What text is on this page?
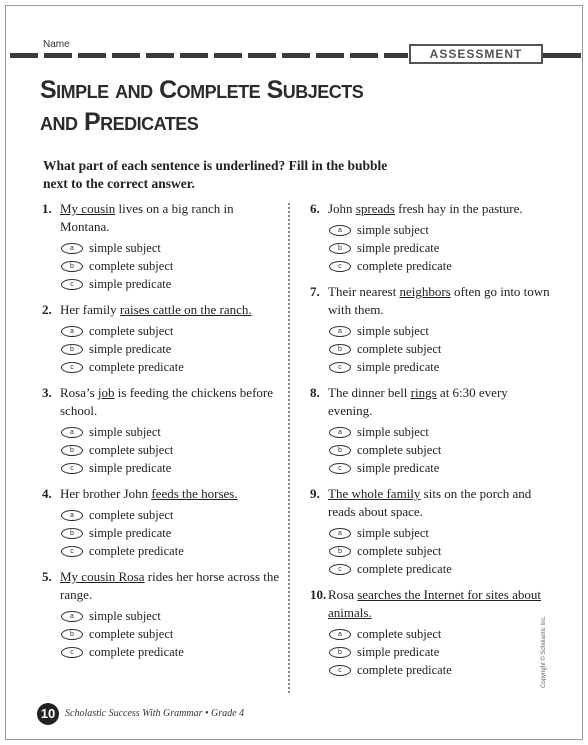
Name
ASSESSMENT
Simple and Complete Subjects
and Predicates
What part of each sentence is underlined? Fill in the bubble
next to the correct answer.
1. My cousin lives on a big ranch in Montana.
a	simple subject
b	complete subject
c	simple predicate
2. Her family raises cattle on the ranch.
a	complete subject
b	simple predicate
c	complete predicate
3. Rosa’s job is feeding the chickens before school.
a	simple subject
b	complete subject
c	simple predicate
4. Her brother John feeds the horses.
a	complete subject
b	simple predicate
c	complete predicate
5. My cousin Rosa rides her horse across the range.
a	simple subject
b	complete subject
c	complete predicate
6. John spreads fresh hay in the pasture.
a	simple subject
b	simple predicate
c	complete predicate
7. Their nearest neighbors often go into town with them.
a	simple subject
b	complete subject
c	simple predicate
8. The dinner bell rings at 6:30 every evening.
a	simple subject
b	complete subject
c	simple predicate
9. The whole family sits on the porch and reads about space.
a	simple subject
b	complete subject
c	complete predicate
10. Rosa searches the Internet for sites about animals.
a	complete subject
b	simple predicate
c	complete predicate
10 Scholastic Success With Grammar • Grade 4
Copyright © Scholastic Inc.
